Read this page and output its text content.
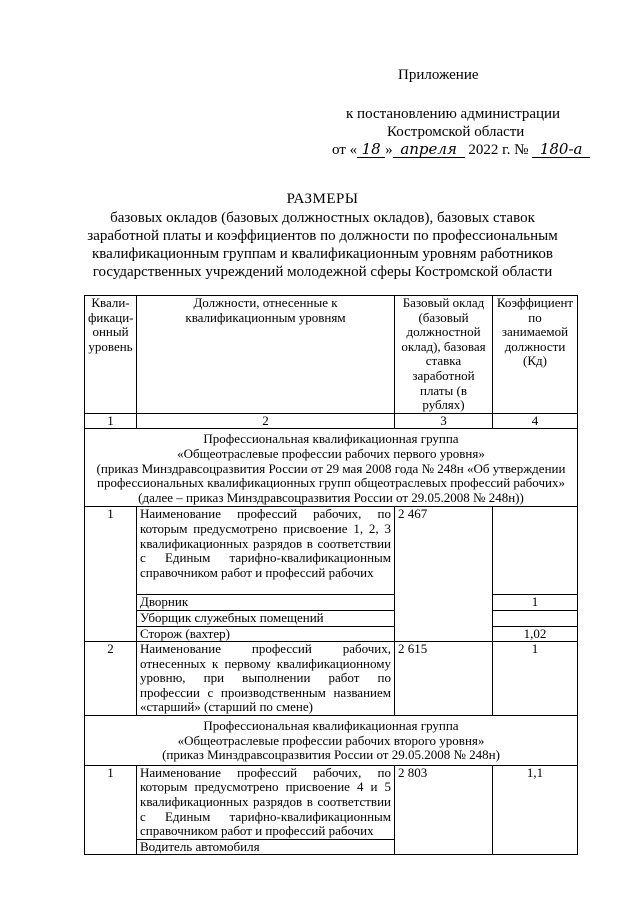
Приложение
к постановлению администрации
Костромской области
от « 18 » апреля 2022 г. № 180-а
РАЗМЕРЫ
базовых окладов (базовых должностных окладов), базовых ставок
заработной платы и коэффициентов по должности по профессиональным
квалификационным группам и квалификационным уровням работников
государственных учреждений молодежной сферы Костромской области
Квали-фикаци-онный уровень	Должности, отнесенные к квалификационным уровням	Базовый оклад (базовый должностной оклад), базовая ставка заработной платы (в рублях)	Коэффициент по занимаемой должности (Кд)
1	2	3	4

Профессиональная квалификационная группа
«Общеотраслевые профессии рабочих первого уровня»
(приказ Минздравсоцразвития России от 29 мая 2008 года № 248н «Об утверждении
профессиональных квалификационных групп общеотраслевых профессий рабочих»
(далее – приказ Минздравсоцразвития России от 29.05.2008 № 248н))			

1	Наименование профессий рабочих, по которым предусмотрено присвоение 1, 2, 3 квалификационных разрядов в соответствии с Единым тарифно-квалификационным справочником работ и профессий рабочих	2 467	
	Дворник		1
	Уборщик служебных помещений		
	Сторож (вахтер)		1,02
2	Наименование профессий рабочих, отнесенных к первому квалификационному уровню, при выполнении работ по профессии с производственным названием «старший» (старший по смене)	2 615	1

Профессиональная квалификационная группа
«Общеотраслевые профессии рабочих второго уровня»
(приказ Минздравсоцразвития России от 29.05.2008 № 248н)			

1	Наименование профессий рабочих, по которым предусмотрено присвоение 4 и 5 квалификационных разрядов в соответствии с Единым тарифно-квалификационным справочником работ и профессий рабочих	2 803	1,1
	Водитель автомобиля		
